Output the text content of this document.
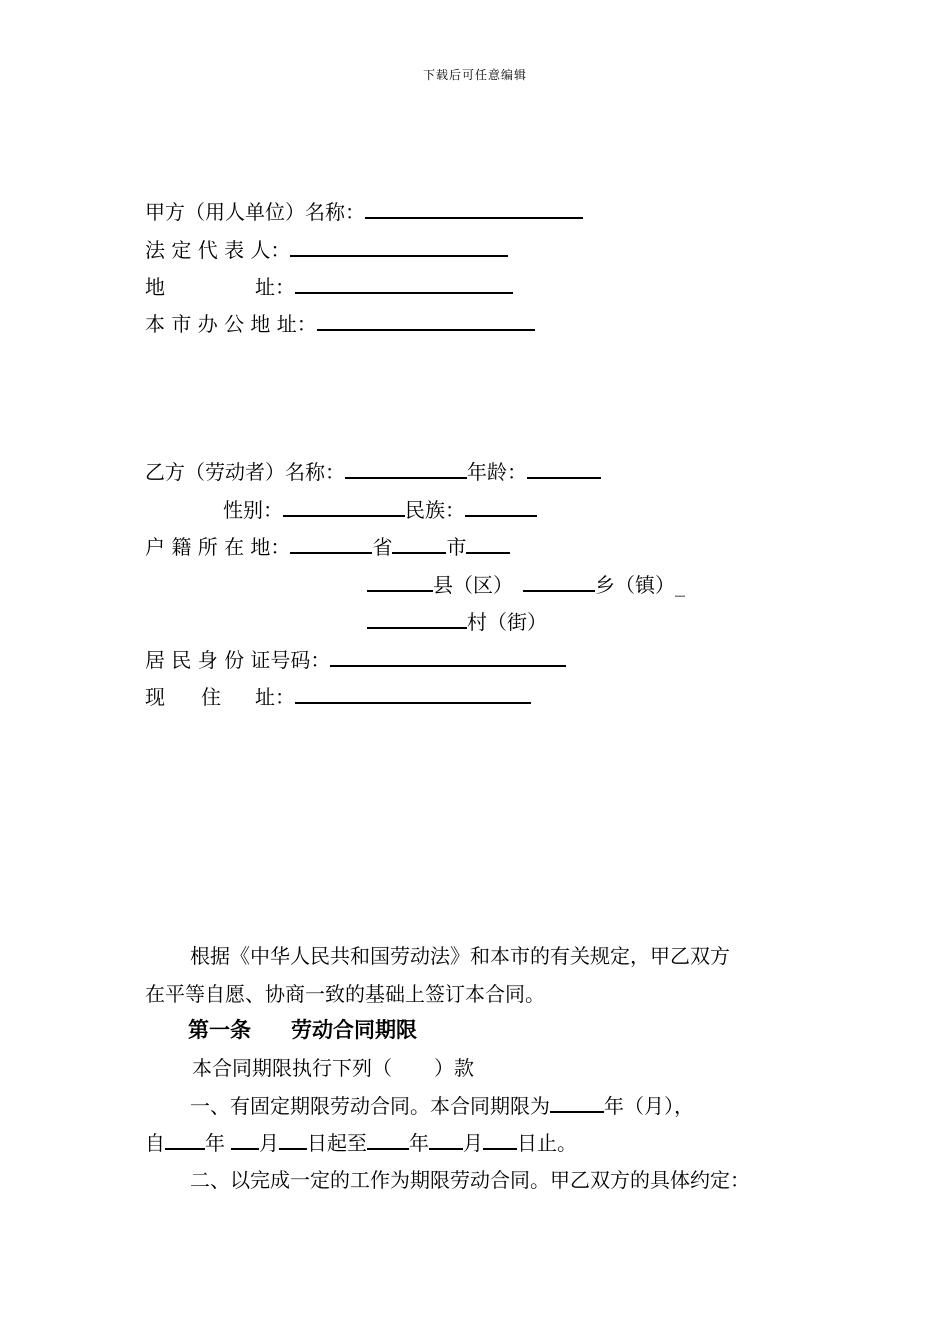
下载后可任意编辑
甲方（用人单位）名称：
法 定 代 表 人：
地	址：
本 市 办 公 地 址：
乙方（劳动者）名称：	年龄：
性别：	民族：
户 籍 所 在 地：	省	市
县（区）	乡（镇）_
村（街）
居 民 身 份 证号码：
现 住 址：
根据《中华人民共和国劳动法》和本市的有关规定，甲乙双方
在平等自愿、协商一致的基础上签订本合同。
第一条 劳动合同期限
本合同期限执行下列（ ）款
一、有固定期限劳动合同。本合同期限为	年（月），
自 年 月 日起至 年 月 日止。
二、以完成一定的工作为期限劳动合同。甲乙双方的具体约定：
